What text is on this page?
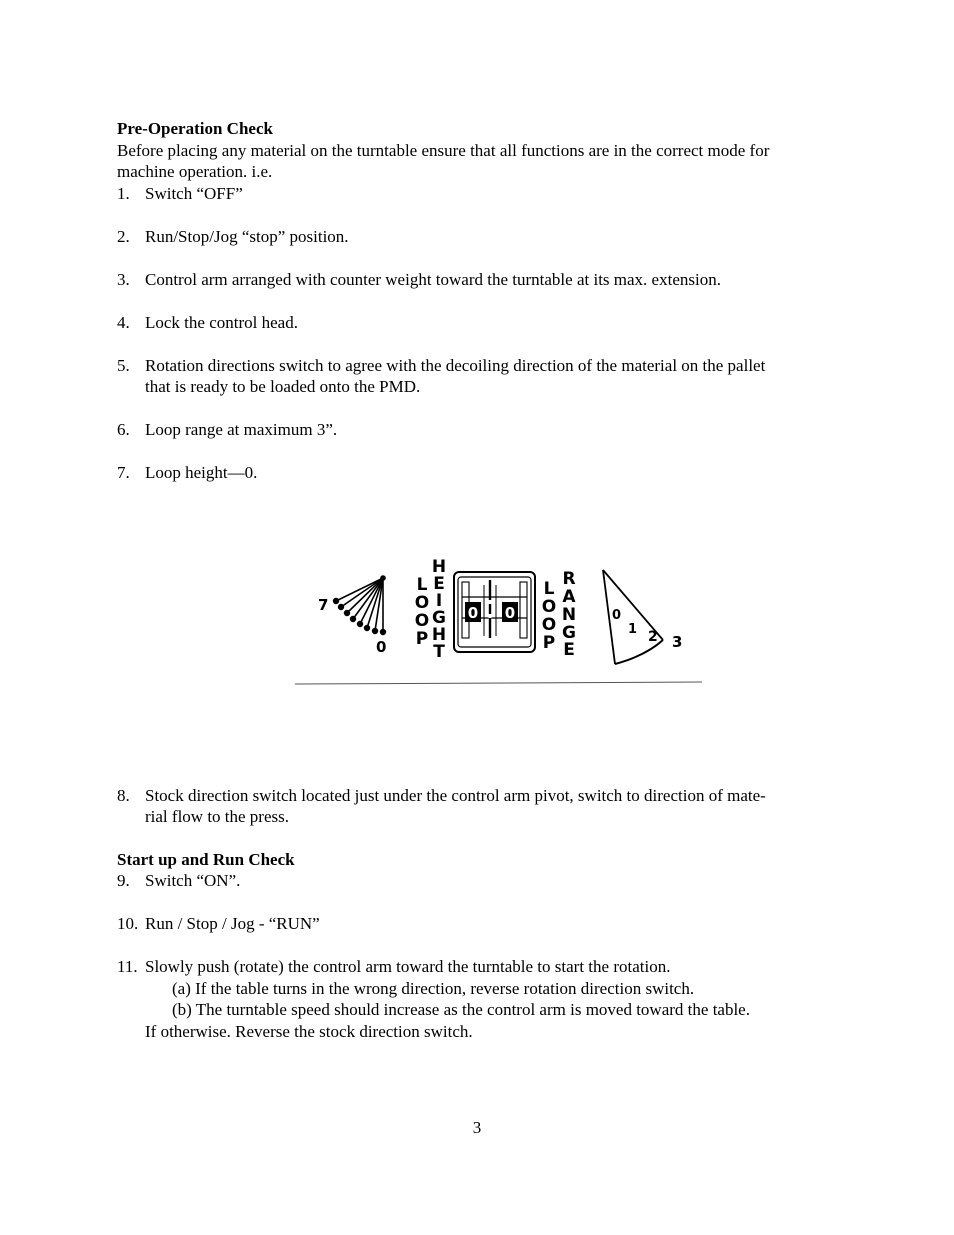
Pre-Operation Check
Before placing any material on the turntable ensure that all functions are in the correct mode for
machine operation. i.e.
1. Switch “OFF”
2. Run/Stop/Jog “stop” position.
3. Control arm arranged with counter weight toward the turntable at its max. extension.
4. Lock the control head.
5. Rotation directions switch to agree with the decoiling direction of the material on the pallet
that is ready to be loaded onto the PMD.
6. Loop range at maximum 3”.
7. Loop height—0.
7
0
L
O
O
P
H
E
I
G
H
T
0 0
L
O
O
P
R
A
N
G
E
0
1 2 3
8. Stock direction switch located just under the control arm pivot, switch to direction of mate-
rial flow to the press.
Start up and Run Check
9. Switch “ON”.
10. Run / Stop / Jog - “RUN”
11. Slowly push (rotate) the control arm toward the turntable to start the rotation.
(a) If the table turns in the wrong direction, reverse rotation direction switch.
(b) The turntable speed should increase as the control arm is moved toward the table.
If otherwise. Reverse the stock direction switch.
3
